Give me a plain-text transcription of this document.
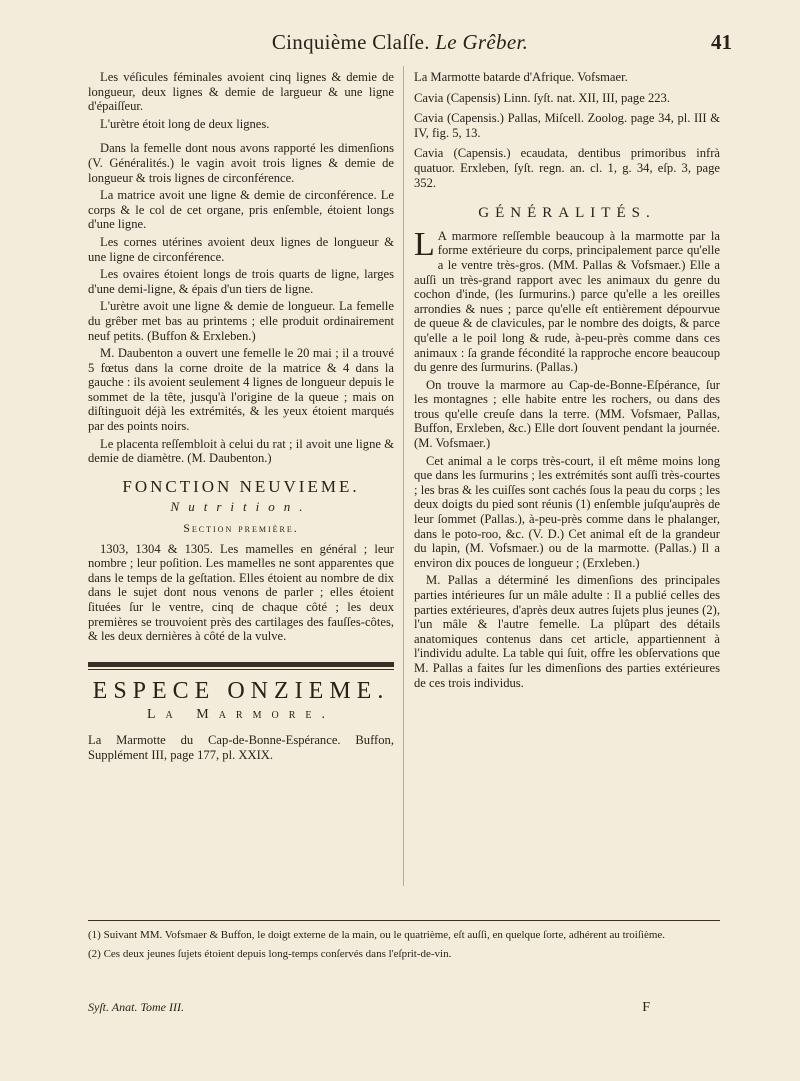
Cinquième Claſſe. Le Grêber.	41

Les véſicules féminales avoient cinq lignes & demie de longueur, deux lignes & demie de largueur & une ligne d'épaiſſeur.

L'urètre étoit long de deux lignes.

Dans la femelle dont nous avons rapporté les dimenſions (V. Généralités.) le vagin avoit trois lignes & demie de longueur & trois lignes de circonférence.

La matrice avoit une ligne & demie de circonférence. Le corps & le col de cet organe, pris enſemble, étoient longs d'une ligne.

Les cornes utérines avoient deux lignes de longueur & une ligne de circonférence.

Les ovaires étoient longs de trois quarts de ligne, larges d'une demi-ligne, & épais d'un tiers de ligne.

L'urètre avoit une ligne & demie de longueur. La femelle du grêber met bas au printems ; elle produit ordinairement neuf petits. (Buffon & Erxleben.)

M. Daubenton a ouvert une femelle le 20 mai ; il a trouvé 5 fœtus dans la corne droite de la matrice & 4 dans la gauche : ils avoient seulement 4 lignes de longueur depuis le sommet de la tête, jusqu'à l'origine de la queue ; mais on diſtinguoit déjà les extrémités, & les yeux étoient marqués par des points noirs.

Le placenta reſſembloit à celui du rat ; il avoit une ligne & demie de diamètre. (M. Daubenton.)

FONCTION NEUVIEME.
Nutrition.
Section première.

1303, 1304 & 1305. Les mamelles en général ; leur nombre ; leur poſition. Les mamelles ne sont apparentes que dans le temps de la geſtation. Elles étoient au nombre de dix dans le sujet dont nous venons de parler ; elles étoient ſituées ſur le ventre, cinq de chaque côté ; les deux premières se trouvoient près des cartilages des fauſſes-côtes, & les deux dernières à côté de la vulve.

ESPECE ONZIEME.
La Marmore.

La Marmotte du Cap-de-Bonne-Espérance. Buffon, Supplément III, page 177, pl. XXIX.

La Marmotte batarde d'Afrique. Vofsmaer.

Cavia (Capensis) Linn. ſyſt. nat. XII, III, page 223.

Cavia (Capensis.) Pallas, Miſcell. Zoolog. page 34, pl. III & IV, fig. 5, 13.

Cavia (Capensis.) ecaudata, dentibus primoribus infrà quatuor. Erxleben, ſyſt. regn. an. cl. 1, g. 34, eſp. 3, page 352.

GÉNÉRALITÉS.

L A marmore reſſemble beaucoup à la marmotte par la forme extérieure du corps, principalement parce qu'elle a le ventre très-gros. (MM. Pallas & Vofsmaer.) Elle a auſſi un très-grand rapport avec les animaux du genre du cochon d'inde, (les ſurmurins.) parce qu'elle a les oreilles arrondies & nues ; parce qu'elle eſt entièrement dépourvue de queue & de clavicules, par le nombre des doigts, & parce qu'elle a le poil long & rude, à-peu-près comme dans ces animaux : ſa grande fécondité la rapproche encore beaucoup du genre des ſurmurins. (Pallas.)

On trouve la marmore au Cap-de-Bonne-Eſpérance, ſur les montagnes ; elle habite entre les rochers, ou dans des trous qu'elle creuſe dans la terre. (MM. Vofsmaer, Pallas, Buffon, Erxleben, &c.) Elle dort ſouvent pendant la journée. (M. Vofsmaer.)

Cet animal a le corps très-court, il eſt même moins long que dans les ſurmurins ; les extrémités sont auſſi très-courtes ; les bras & les cuiſſes sont cachés ſous la peau du corps ; les deux doigts du pied sont réunis (1) enſemble juſqu'auprès de leur ſommet (Pallas.), à-peu-près comme dans le phalanger, dans le poto-roo, &c. (V. D.) Cet animal eſt de la grandeur du lapin, (M. Vofsmaer.) ou de la marmotte. (Pallas.) Il a environ dix pouces de longueur ; (Erxleben.)

M. Pallas a déterminé les dimenſions des principales parties intérieures ſur un mâle adulte : Il a publié celles des parties extérieures, d'après deux autres ſujets plus jeunes (2), l'un mâle & l'autre femelle. La plûpart des détails anatomiques contenus dans cet article, appartiennent à l'individu adulte. La table qui ſuit, offre les obſervations que M. Pallas a faites ſur les dimenſions des parties extérieures de ces trois individus.

(1) Suivant MM. Vofsmaer & Buffon, le doigt externe de la main, ou le quatrième, eſt auſſi, en quelque ſorte, adhérent au troiſième.

(2) Ces deux jeunes ſujets étoient depuis long-temps conſervés dans l'eſprit-de-vin.

Syſt. Anat. Tome III.	F
